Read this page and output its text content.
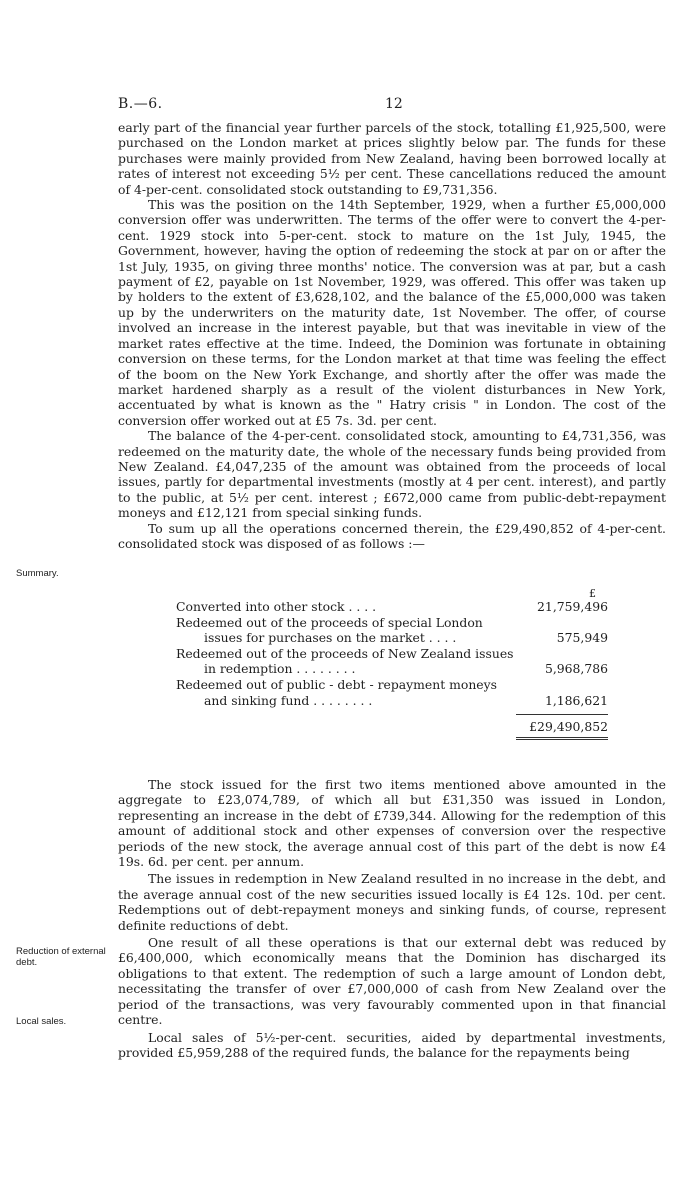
B.—6.	12

early part of the financial year further parcels of the stock, totalling £1,925,500, were purchased on the London market at prices slightly below par. The funds for these purchases were mainly provided from New Zealand, having been borrowed locally at rates of interest not exceeding 5½ per cent. These cancellations reduced the amount of 4-per-cent. consolidated stock outstanding to £9,731,356.

This was the position on the 14th September, 1929, when a further £5,000,000 conversion offer was underwritten. The terms of the offer were to convert the 4-per-cent. 1929 stock into 5-per-cent. stock to mature on the 1st July, 1945, the Government, however, having the option of redeeming the stock at par on or after the 1st July, 1935, on giving three months' notice. The conversion was at par, but a cash payment of £2, payable on 1st November, 1929, was offered. This offer was taken up by holders to the extent of £3,628,102, and the balance of the £5,000,000 was taken up by the underwriters on the maturity date, 1st November. The offer, of course involved an increase in the interest payable, but that was inevitable in view of the market rates effective at the time. Indeed, the Dominion was fortunate in obtaining conversion on these terms, for the London market at that time was feeling the effect of the boom on the New York Exchange, and shortly after the offer was made the market hardened sharply as a result of the violent disturbances in New York, accentuated by what is known as the " Hatry crisis " in London. The cost of the conversion offer worked out at £5 7s. 3d. per cent.

The balance of the 4-per-cent. consolidated stock, amounting to £4,731,356, was redeemed on the maturity date, the whole of the necessary funds being provided from New Zealand. £4,047,235 of the amount was obtained from the proceeds of local issues, partly for departmental investments (mostly at 4 per cent. interest), and partly to the public, at 5½ per cent. interest ; £672,000 came from public-debt-repayment moneys and £12,121 from special sinking funds.

To sum up all the operations concerned therein, the £29,490,852 of 4-per-cent. consolidated stock was disposed of as follows :—

Summary.
Reduction of external debt.
Local sales.
£
Converted into other stock . . . .	21,759,496
Redeemed out of the proceeds of special London
issues for purchases on the market . . . .	575,949
Redeemed out of the proceeds of New Zealand issues
in redemption . . . . . . . .	5,968,786
Redeemed out of public - debt - repayment moneys
and sinking fund . . . . . . . .	1,186,621
£29,490,852

The stock issued for the first two items mentioned above amounted in the aggregate to £23,074,789, of which all but £31,350 was issued in London, representing an increase in the debt of £739,344. Allowing for the redemption of this amount of additional stock and other expenses of conversion over the respective periods of the new stock, the average annual cost of this part of the debt is now £4 19s. 6d. per cent. per annum.

The issues in redemption in New Zealand resulted in no increase in the debt, and the average annual cost of the new securities issued locally is £4 12s. 10d. per cent. Redemptions out of debt-repayment moneys and sinking funds, of course, represent definite reductions of debt.

One result of all these operations is that our external debt was reduced by £6,400,000, which economically means that the Dominion has discharged its obligations to that extent. The redemption of such a large amount of London debt, necessitating the transfer of over £7,000,000 of cash from New Zealand over the period of the transactions, was very favourably commented upon in that financial centre.

Local sales of 5½-per-cent. securities, aided by departmental investments, provided £5,959,288 of the required funds, the balance for the repayments being
